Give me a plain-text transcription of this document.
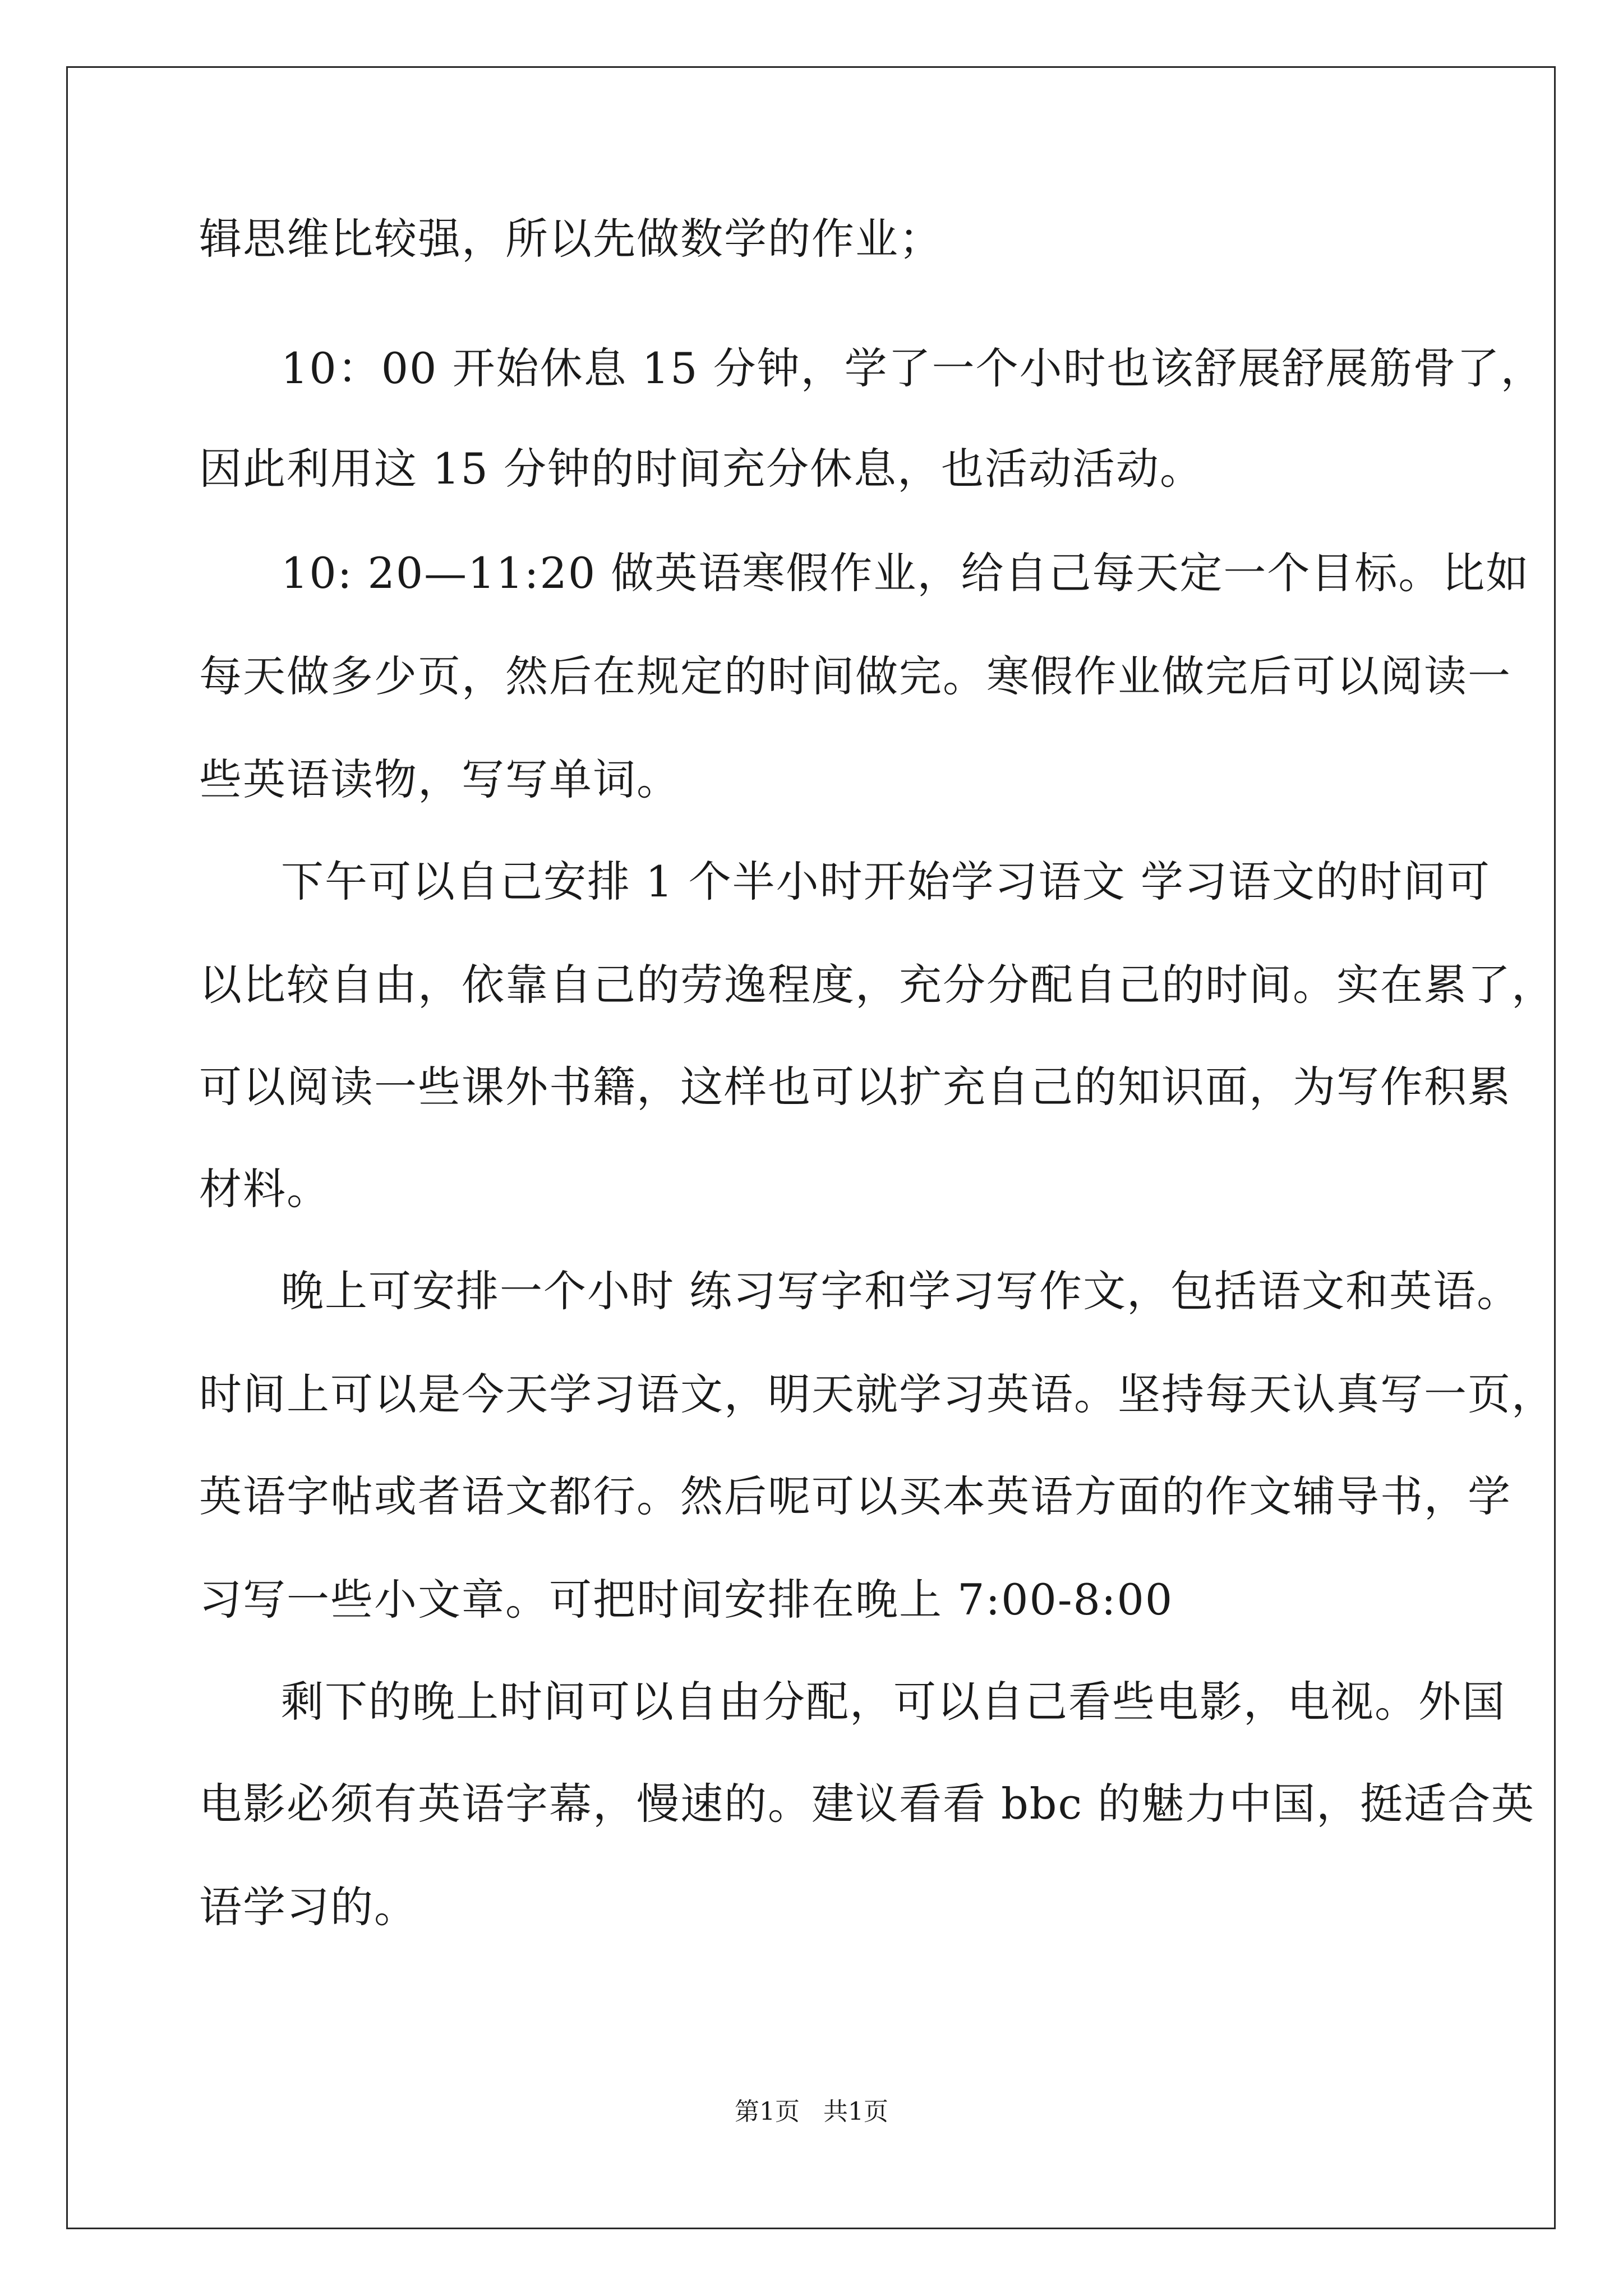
辑思维比较强，所以先做数学的作业；
10：00 开始休息 15 分钟，学了一个小时也该舒展舒展筋骨了，
因此利用这 15 分钟的时间充分休息，也活动活动。
10: 20—11:20 做英语寒假作业，给自己每天定一个目标。比如
每天做多少页，然后在规定的时间做完。寒假作业做完后可以阅读一
些英语读物，写写单词。
下午可以自己安排 1 个半小时开始学习语文 学习语文的时间可
以比较自由，依靠自己的劳逸程度，充分分配自己的时间。实在累了，
可以阅读一些课外书籍，这样也可以扩充自己的知识面，为写作积累
材料。
晚上可安排一个小时 练习写字和学习写作文，包括语文和英语。
时间上可以是今天学习语文，明天就学习英语。坚持每天认真写一页，
英语字帖或者语文都行。然后呢可以买本英语方面的作文辅导书，学
习写一些小文章。可把时间安排在晚上 7:00-8:00
剩下的晚上时间可以自由分配，可以自己看些电影，电视。外国
电影必须有英语字幕，慢速的。建议看看 bbc 的魅力中国，挺适合英
语学习的。
第1页   共1页
